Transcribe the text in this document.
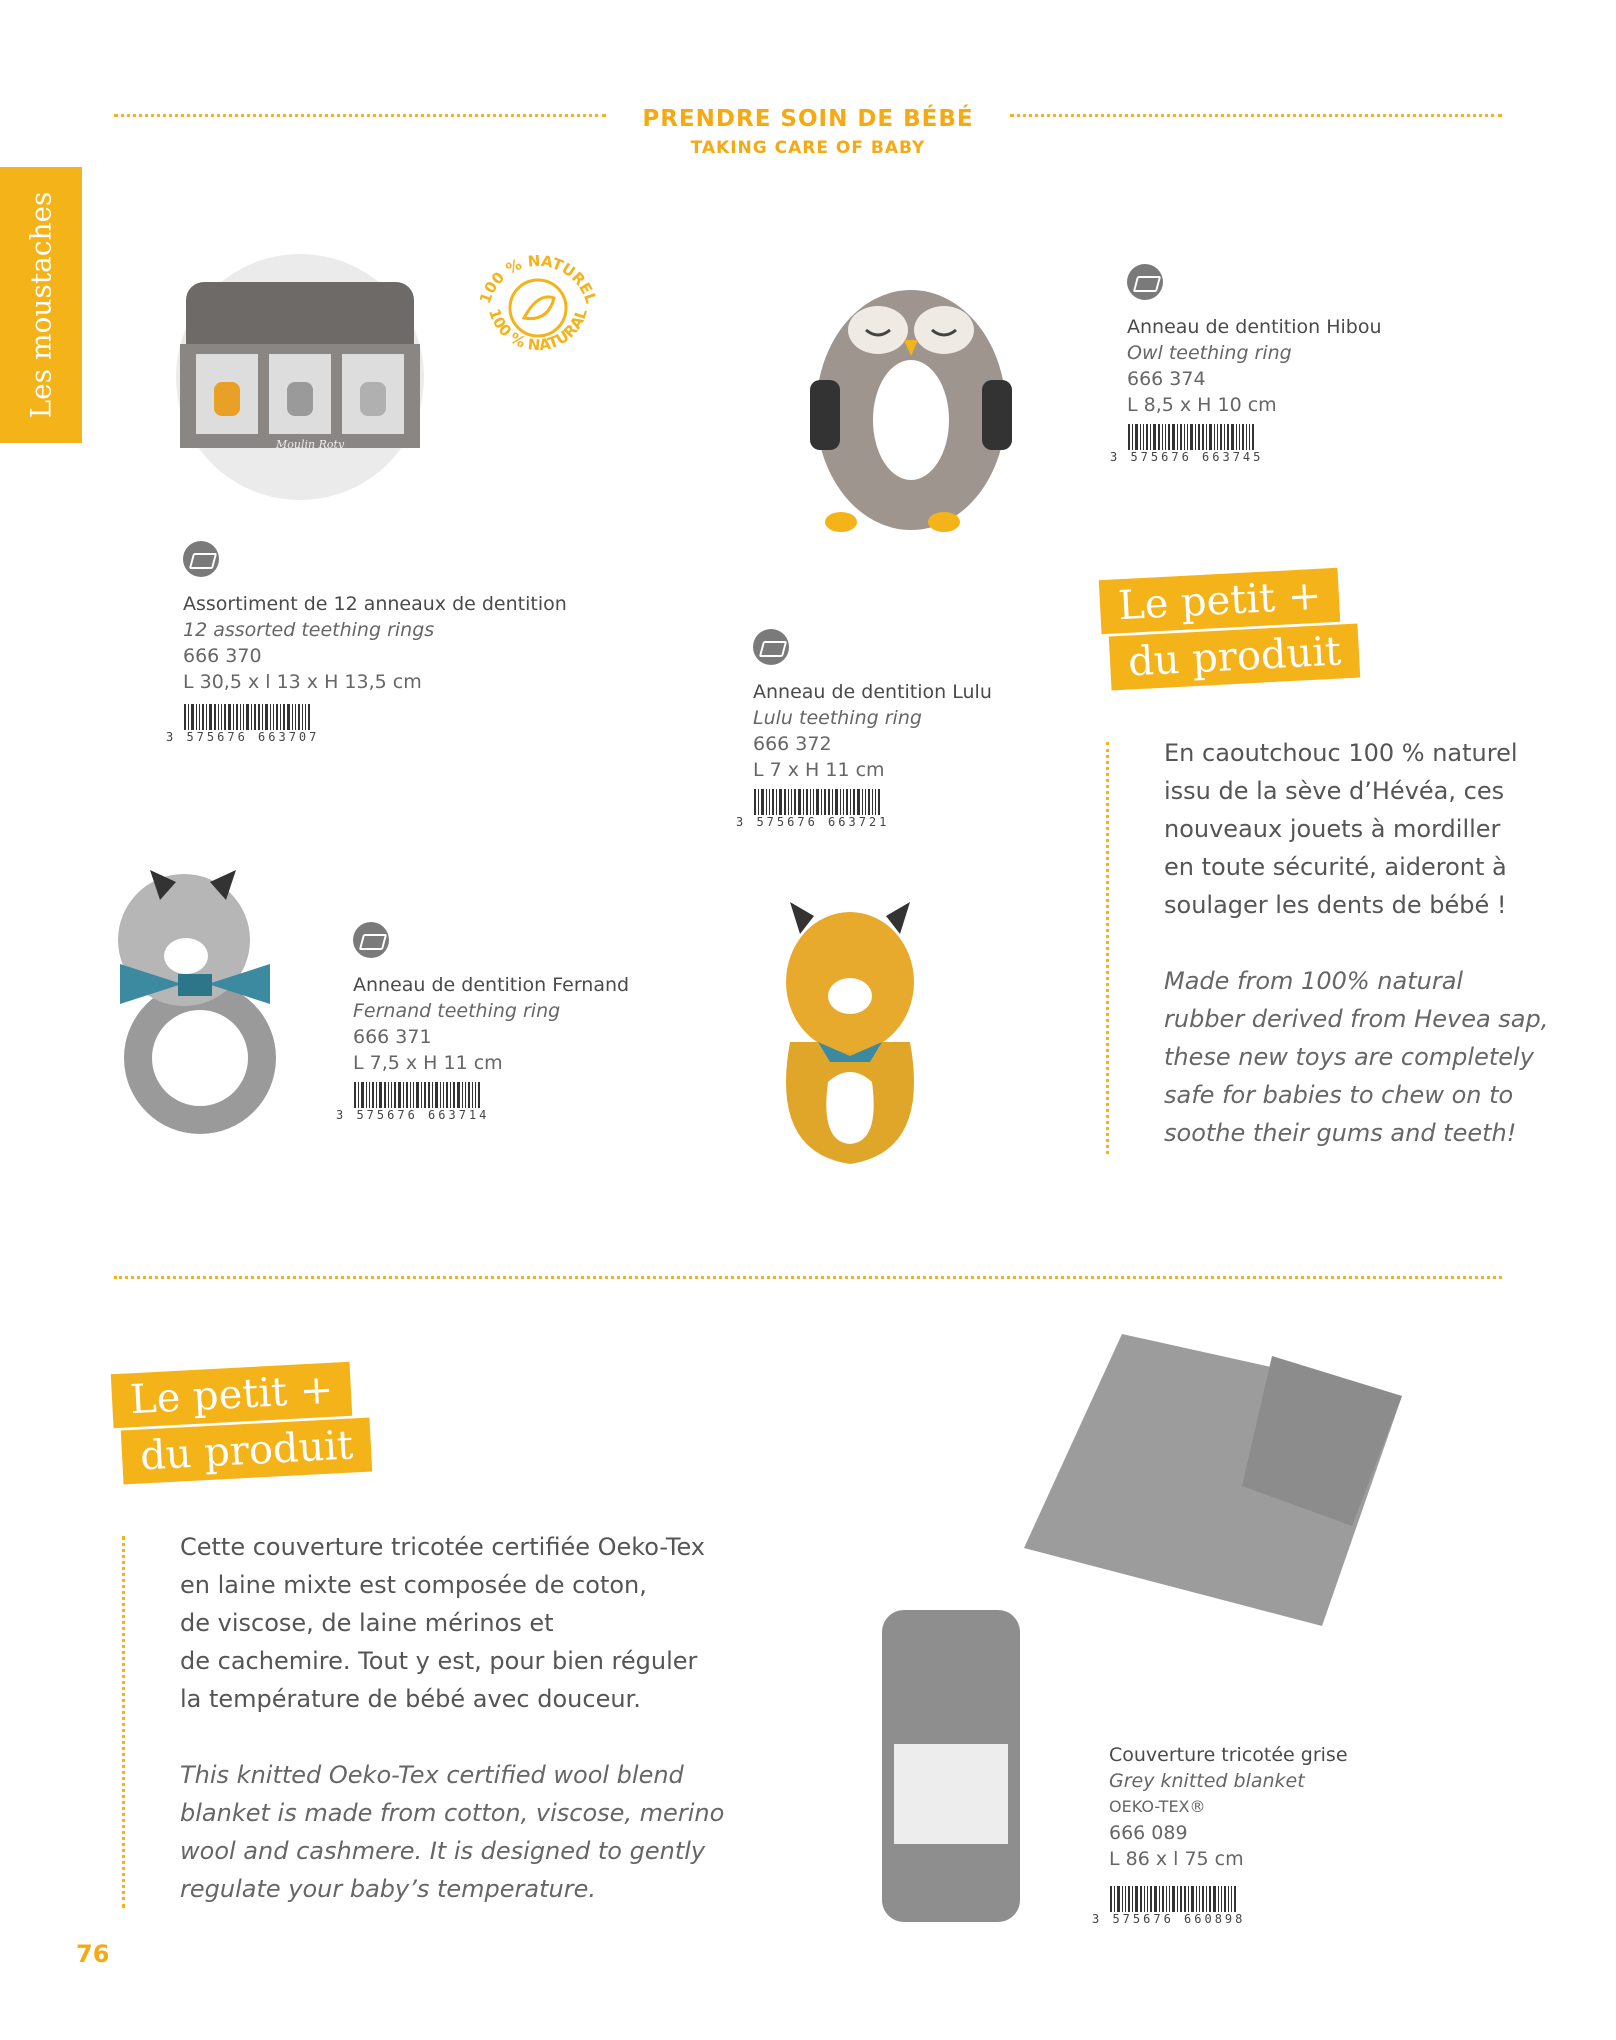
PRENDRE SOIN DE BÉBÉ
TAKING CARE OF BABY
Les moustaches
Moulin Roty
100 % NATUREL
100 % NATURAL
Assortiment de 12 anneaux de dentition
12 assorted teething rings
666 370
L 30,5 x l 13 x H 13,5 cm
3 575676 663707
Anneau de dentition Hibou
Owl teething ring
666 374
L 8,5 x H 10 cm
3 575676 663745
Anneau de dentition Lulu
Lulu teething ring
666 372
L 7 x H 11 cm
3 575676 663721
Anneau de dentition Fernand
Fernand teething ring
666 371
L 7,5 x H 11 cm
3 575676 663714
Le petit +
du produit
En caoutchouc 100 % naturel
issu de la sève d’Hévéa, ces
nouveaux jouets à mordiller
en toute sécurité, aideront à
soulager les dents de bébé !
Made from 100% natural
rubber derived from Hevea sap,
these new toys are completely
safe for babies to chew on to
soothe their gums and teeth!
Le petit +
du produit
Cette couverture tricotée certifiée Oeko-Tex
en laine mixte est composée de coton,
de viscose, de laine mérinos et
de cachemire. Tout y est, pour bien réguler
la température de bébé avec douceur.
This knitted Oeko-Tex certified wool blend
blanket is made from cotton, viscose, merino
wool and cashmere. It is designed to gently
regulate your baby’s temperature.
Couverture tricotée grise
Grey knitted blanket
OEKO-TEX®
666 089
L 86 x l 75 cm
3 575676 660898
76
